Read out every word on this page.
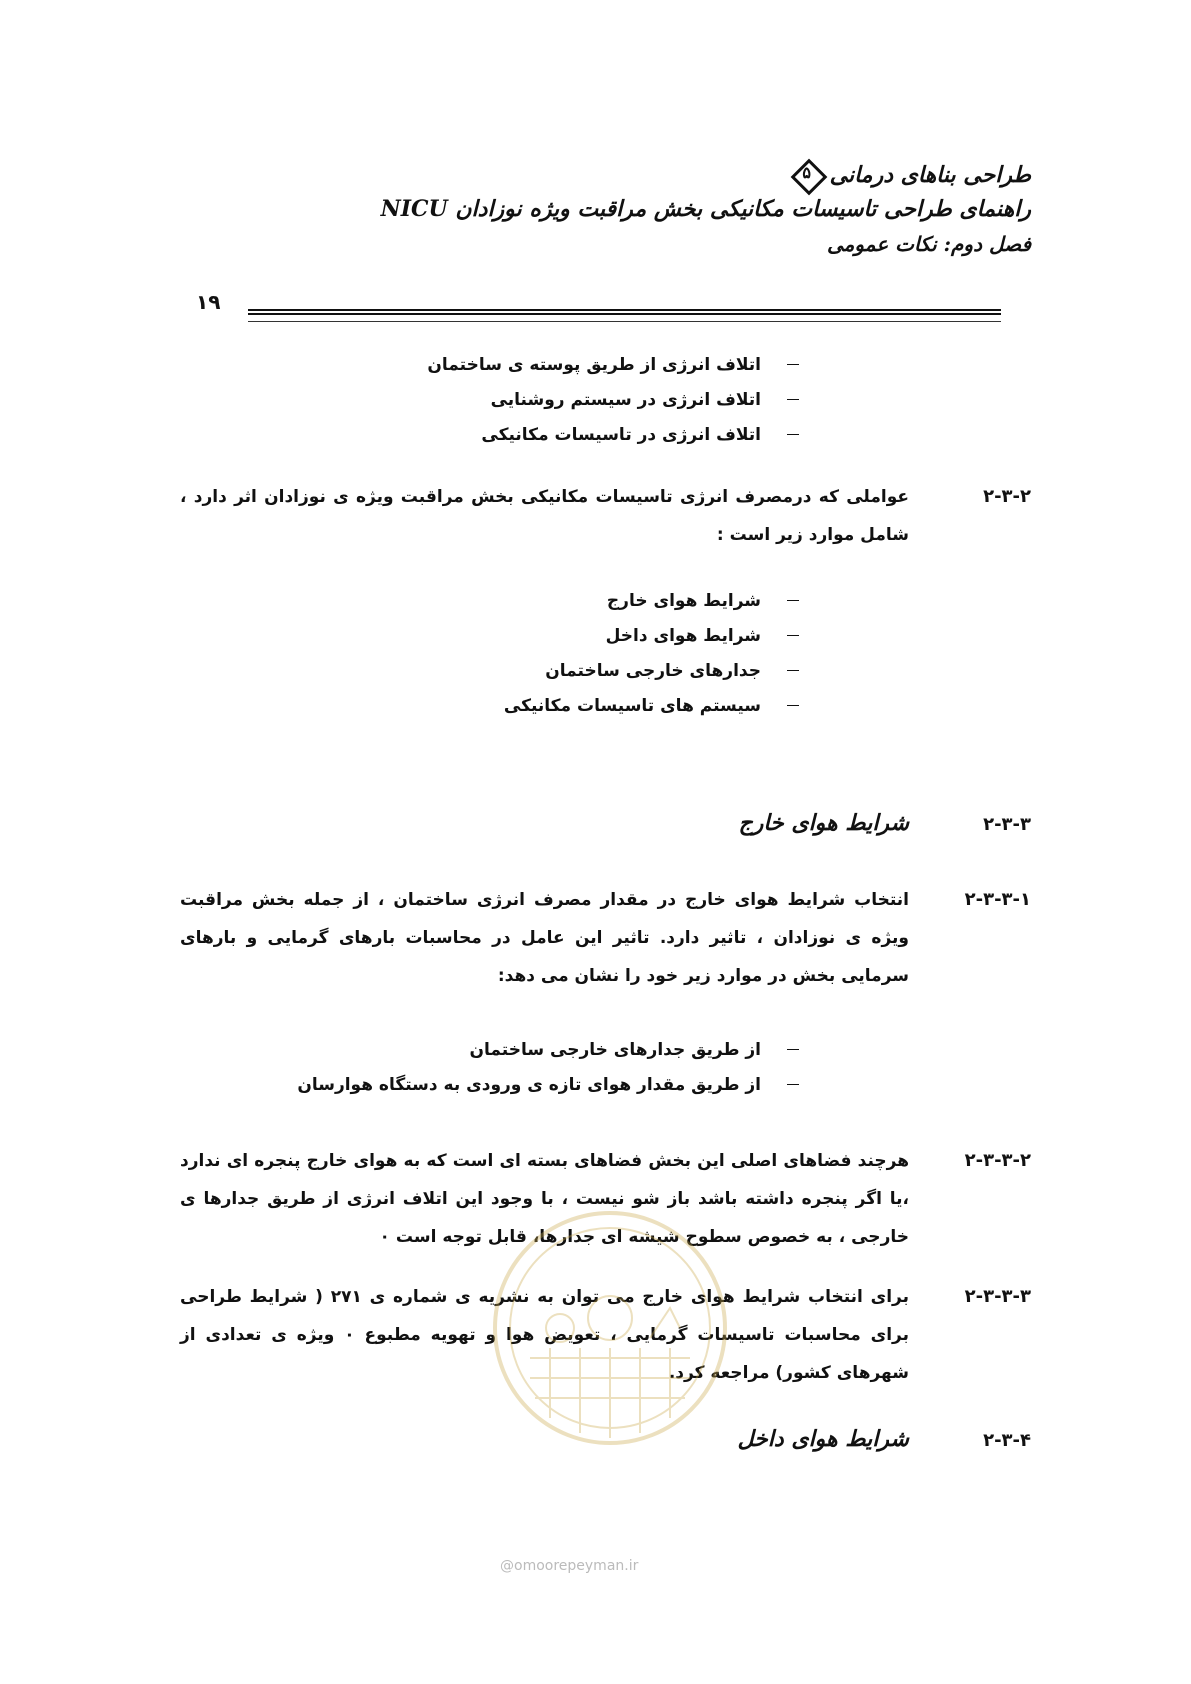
طراحی بناهای درمانی
۵
راهنمای طراحی تاسیسات مکانیکی بخش مراقبت ویژه نوزادان NICU
فصل دوم: نکات عمومی
۱۹
اتلاف انرژی از طریق پوسته ی ساختمان
اتلاف انرژی در سیستم روشنایی
اتلاف انرژی در تاسیسات مکانیکی
۲-۳-۲
عواملی که درمصرف انرژی تاسیسات مکانیکی بخش مراقبت ویژه ی نوزادان اثر دارد ، شامل موارد زیر است :
شرایط هوای خارج
شرایط هوای داخل
جدارهای خارجی ساختمان
سیستم های تاسیسات مکانیکی
۲-۳-۳شرایط هوای خارج
۲-۳-۳-۱
انتخاب شرایط هوای خارج در مقدار مصرف انرژی ساختمان ، از جمله بخش مراقبت ویژه ی نوزادان ، تاثیر دارد. تاثیر این عامل در محاسبات بارهای گرمایی و بارهای سرمایی بخش در موارد زیر خود را نشان می دهد:
از طریق جدارهای خارجی ساختمان
از طریق مقدار هوای تازه ی ورودی به دستگاه هوارسان
۲-۳-۳-۲
هرچند فضاهای اصلی این بخش فضاهای بسته ای است که به هوای خارج پنجره ای ندارد ،یا اگر پنجره داشته باشد باز شو نیست ، با وجود این اتلاف انرژی از طریق جدارها ی خارجی ، به خصوص سطوح شیشه ای جدارها، قابل توجه است ٠
۲-۳-۳-۳
برای انتخاب شرایط هوای خارج می توان به نشریه ی شماره ی ۲۷۱ ( شرایط طراحی برای محاسبات تاسیسات گرمایی ، تعویض هوا و تهویه مطبوع ٠ ویژه ی تعدادی از شهرهای کشور) مراجعه کرد.
۲-۳-۴شرایط هوای داخل
@omoorepeyman.ir
